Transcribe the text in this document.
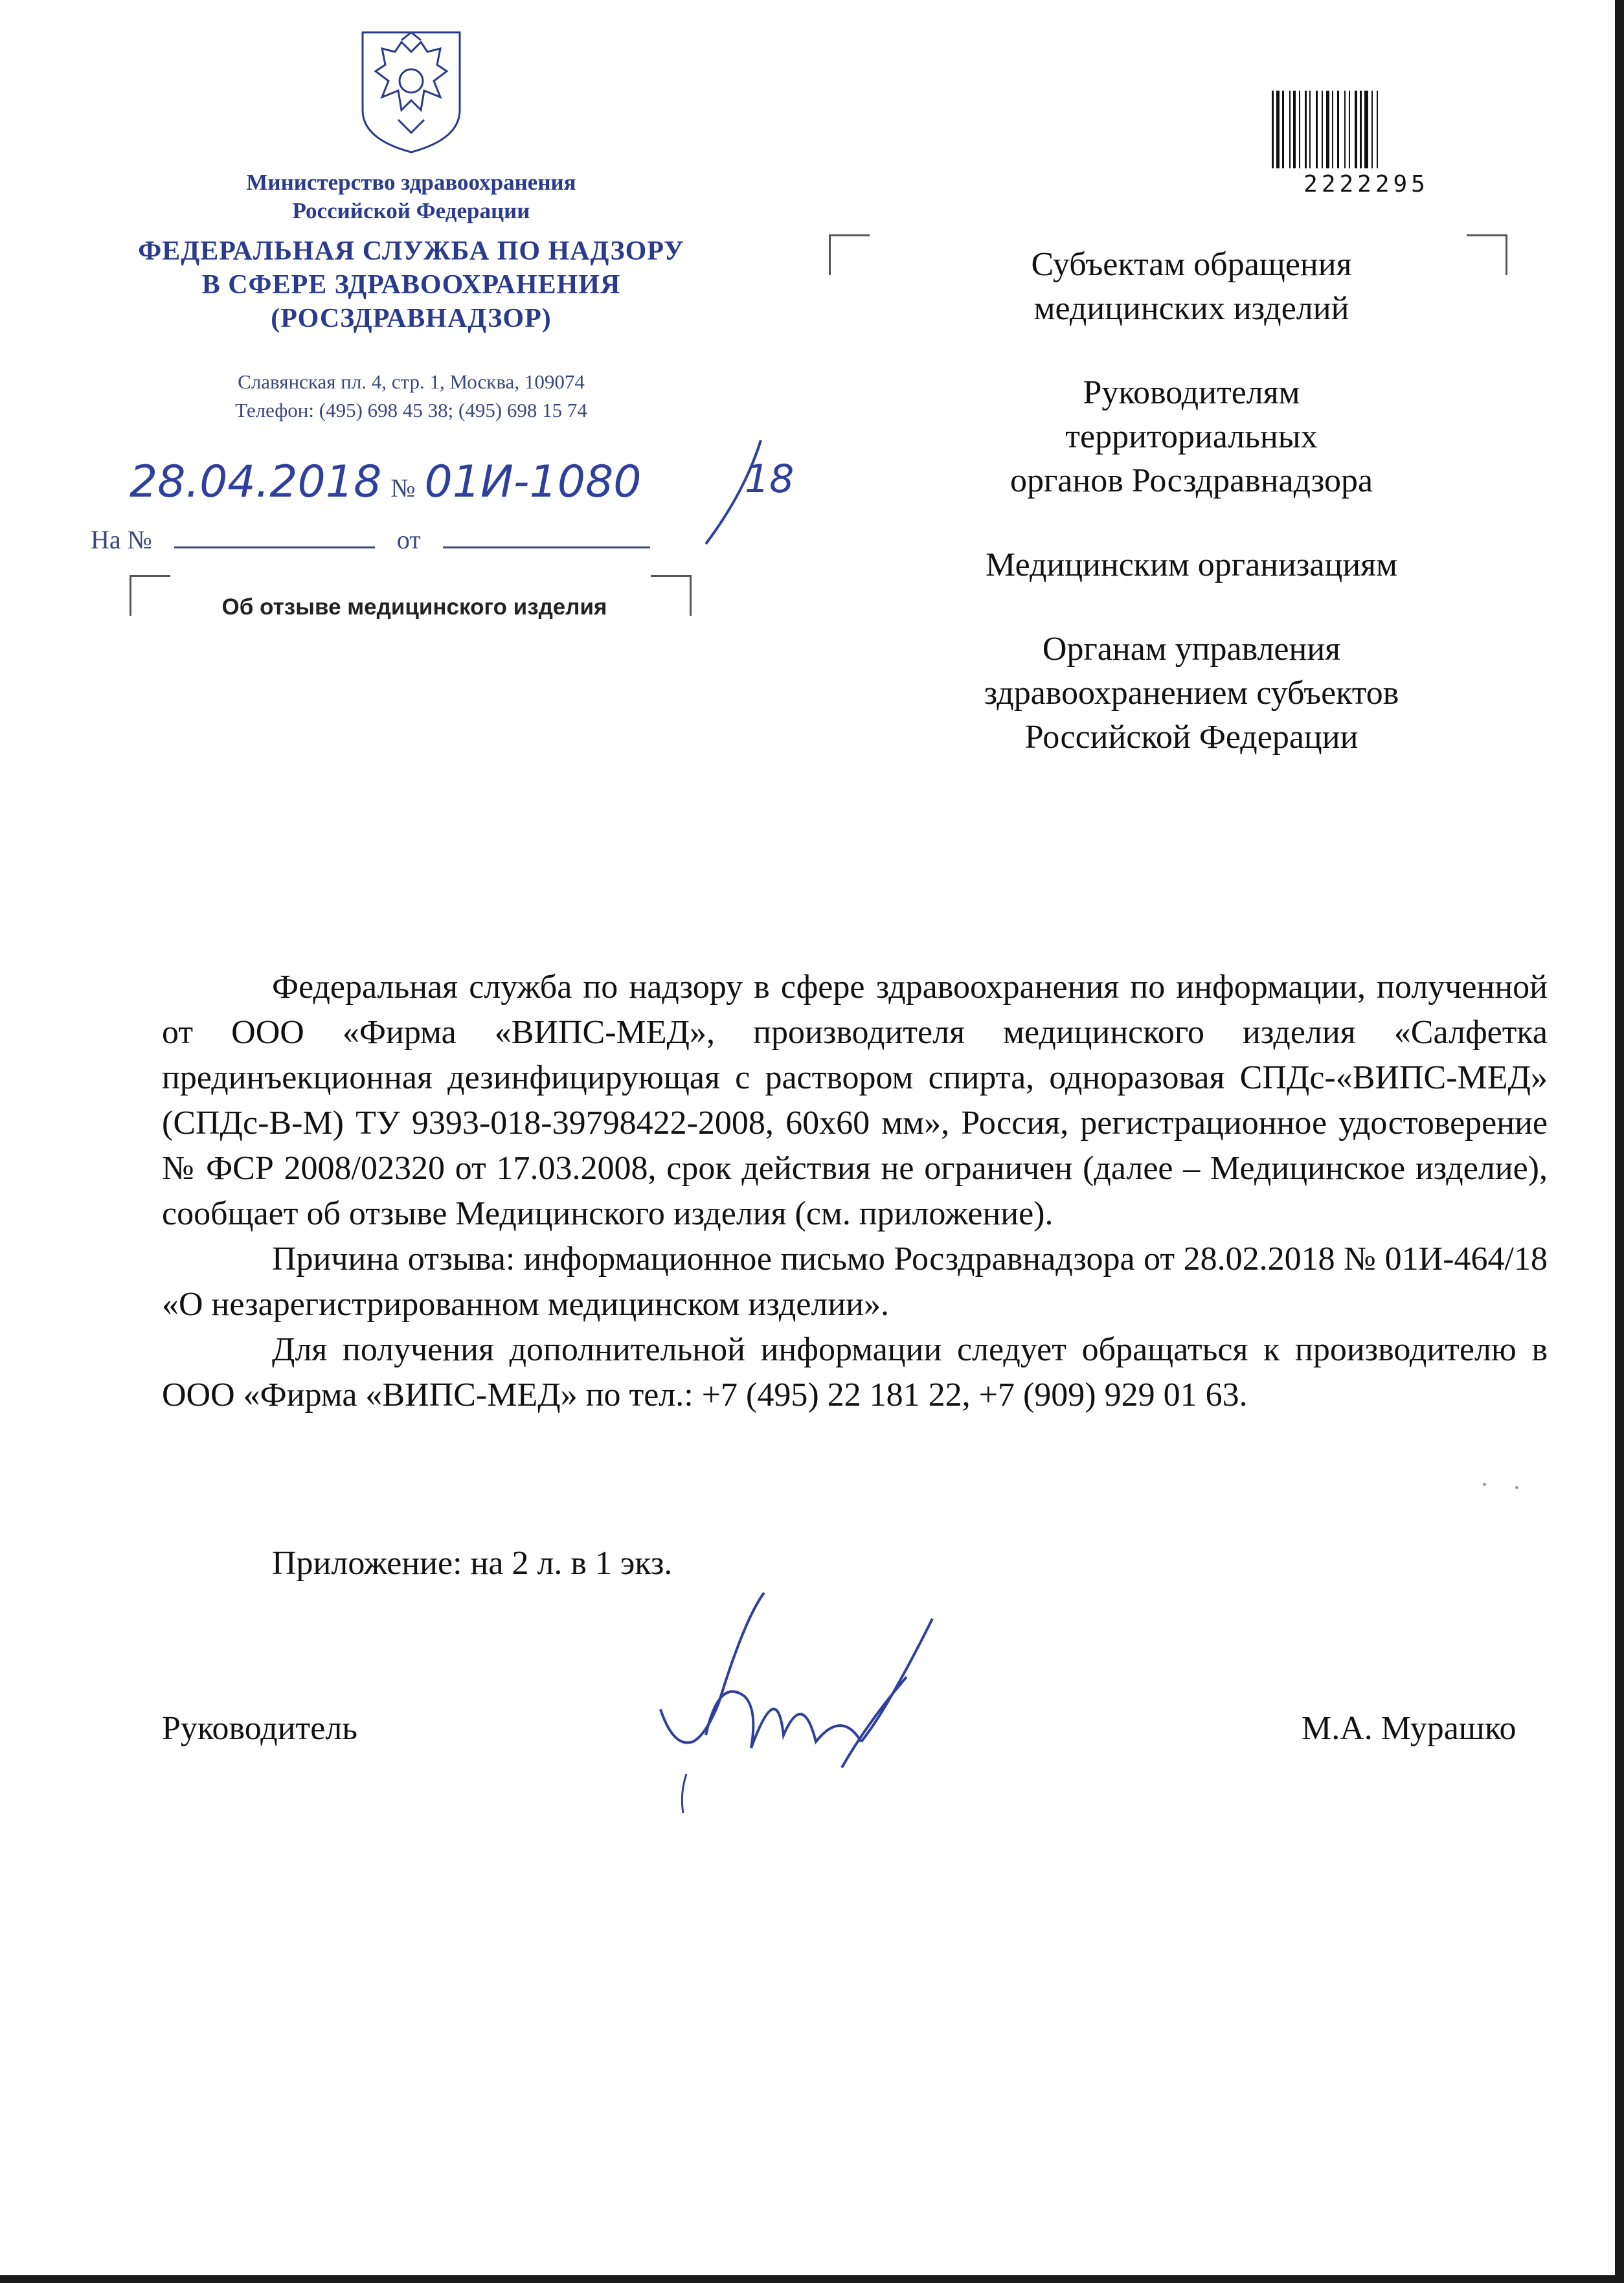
Министерство здравоохранения
Российской Федерации
ФЕДЕРАЛЬНАЯ СЛУЖБА ПО НАДЗОРУ
В СФЕРЕ ЗДРАВООХРАНЕНИЯ
(РОСЗДРАВНАДЗОР)
Славянская пл. 4, стр. 1, Москва, 109074
Телефон: (495) 698 45 38; (495) 698 15 74
28.04.2018 № 01И-1080	18
На №	от
Об отзыве медицинского изделия
2222295
Субъектам обращения
медицинских изделий
Руководителям
территориальных
органов Росздравнадзора
Медицинским организациям
Органам управления
здравоохранением субъектов
Российской Федерации

Федеральная служба по надзору в сфере здравоохранения по информации, полученной от ООО «Фирма «ВИПС-МЕД», производителя медицинского изделия «Салфетка прединъекционная дезинфицирующая с раствором спирта, одноразовая СПДс-«ВИПС-МЕД» (СПДс-В-М) ТУ 9393-018-39798422-2008, 60х60 мм», Россия, регистрационное удостоверение № ФСР 2008/02320 от 17.03.2008, срок действия не ограничен (далее – Медицинское изделие), сообщает об отзыве Медицинского изделия (см. приложение).

Причина отзыва: информационное письмо Росздравнадзора от 28.02.2018 № 01И-464/18 «О незарегистрированном медицинском изделии».

Для получения дополнительной информации следует обращаться к производителю в ООО «Фирма «ВИПС-МЕД» по тел.: +7 (495) 22 181 22, +7 (909) 929 01 63.

Приложение: на 2 л. в 1 экз.
Руководитель	М.А. Мурашко
